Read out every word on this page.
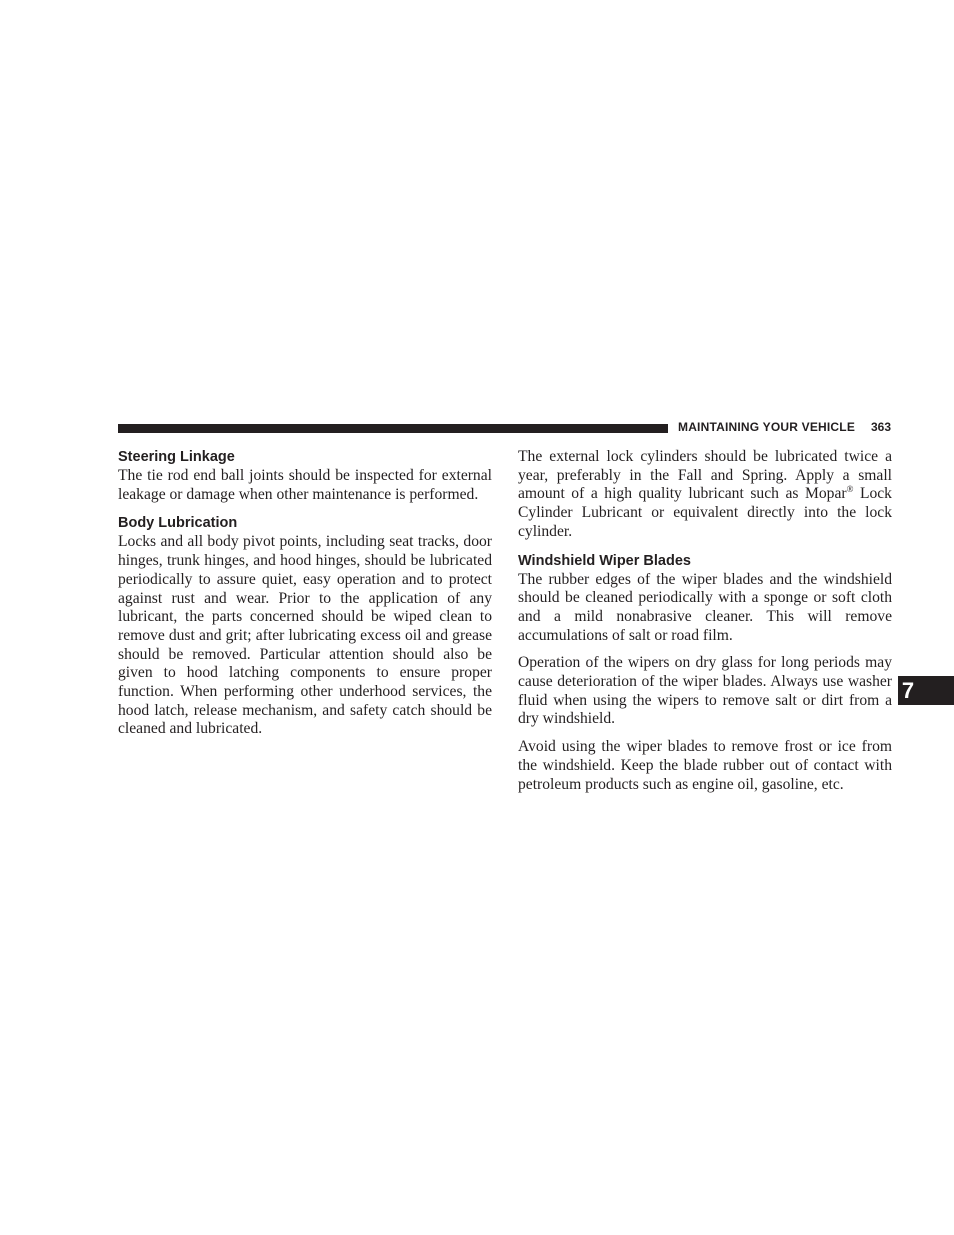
MAINTAINING YOUR VEHICLE 363
Steering Linkage

The tie rod end ball joints should be inspected for external leakage or damage when other maintenance is performed.

Body Lubrication

Locks and all body pivot points, including seat tracks, door hinges, trunk hinges, and hood hinges, should be lubricated periodically to assure quiet, easy operation and to protect against rust and wear. Prior to the application of any lubricant, the parts concerned should be wiped clean to remove dust and grit; after lubricating excess oil and grease should be removed. Particular attention should also be given to hood latching components to ensure proper function. When performing other underhood services, the hood latch, release mechanism, and safety catch should be cleaned and lubricated.

The external lock cylinders should be lubricated twice a year, preferably in the Fall and Spring. Apply a small amount of a high quality lubricant such as Mopar® Lock Cylinder Lubricant or equivalent directly into the lock cylinder.

Windshield Wiper Blades

The rubber edges of the wiper blades and the windshield should be cleaned periodically with a sponge or soft cloth and a mild nonabrasive cleaner. This will remove accumulations of salt or road film.

Operation of the wipers on dry glass for long periods may cause deterioration of the wiper blades. Always use washer fluid when using the wipers to remove salt or dirt from a dry windshield.

Avoid using the wiper blades to remove frost or ice from the windshield. Keep the blade rubber out of contact with petroleum products such as engine oil, gasoline, etc.

7
